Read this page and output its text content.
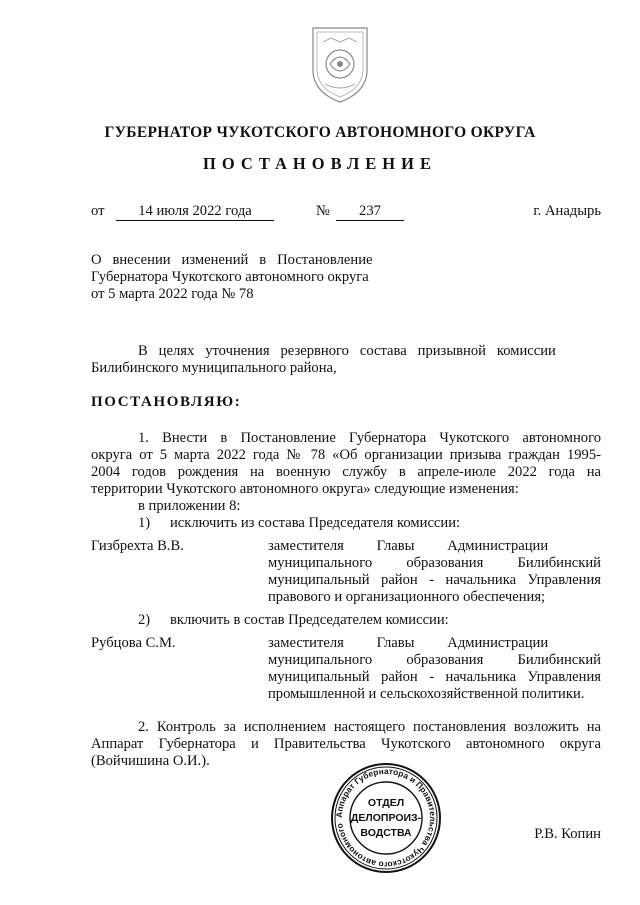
ГУБЕРНАТОР ЧУКОТСКОГО АВТОНОМНОГО ОКРУГА
ПОСТАНОВЛЕНИЕ
от	14 июля 2022 года	№	237	г. Анадырь
О   внесении   изменений   в   Постановление
Губернатора Чукотского автономного округа
от 5 марта 2022 года № 78
В   целях   уточнения   резервного   состава   призывной   комиссии
Билибинского муниципального района,
ПОСТАНОВЛЯЮ:
1. Внести в Постановление Губернатора Чукотского автономного
округа от 5 марта 2022 года № 78 «Об организации призыва граждан 1995-
2004 годов рождения на военную службу в апреле-июле 2022 года на
территории Чукотского автономного округа» следующие изменения:
в приложении 8:
1) исключить из состава Председателя комиссии:
Гизбрехта В.В.	заместителя         Главы         Администрации
муниципального образования Билибинский
муниципальный район - начальника Управления
правового и организационного обеспечения;
2) включить в состав Председателем комиссии:
Рубцова С.М.	заместителя         Главы         Администрации
муниципального образования Билибинский
муниципальный район - начальника Управления
промышленной и сельскохозяйственной политики.
2. Контроль за исполнением настоящего постановления возложить на
Аппарат Губернатора и Правительства Чукотского автономного округа
(Войчишина О.И.).
Аппарат Губернатора и Правительства Чукотского автономного
ОТДЕЛ
ДЕЛОПРОИЗ-
ВОДСТВА	Р.В. Копин
